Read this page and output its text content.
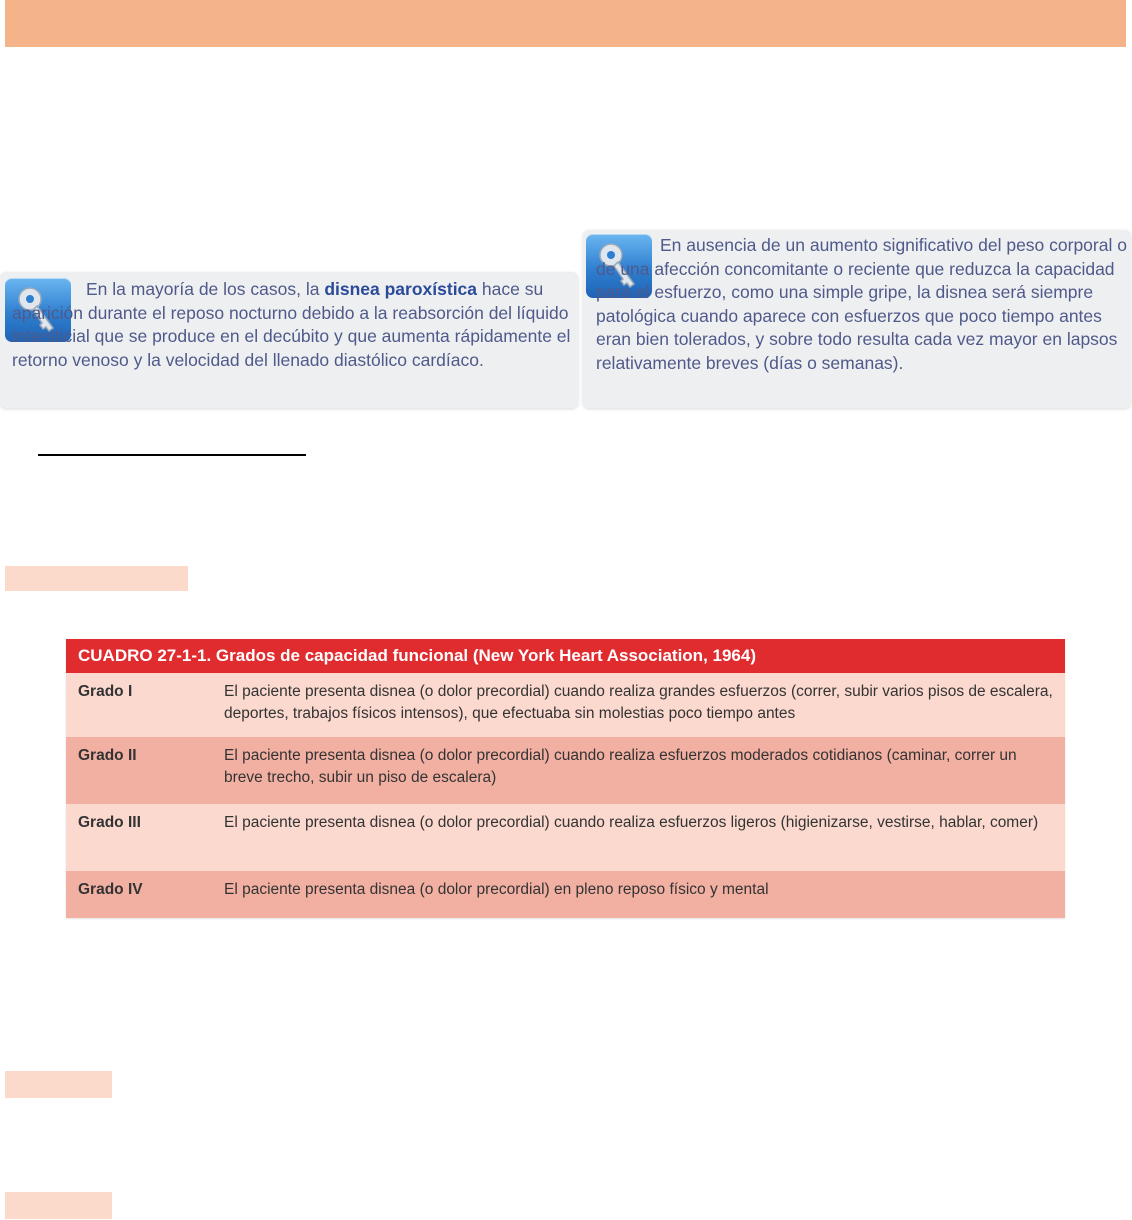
En la mayoría de los casos, la disnea paroxística hace su aparición durante el reposo nocturno debido a la reabsorción del líquido intersticial que se produce en el decúbito y que aumenta rápidamente el retorno venoso y la velocidad del llenado diastólico cardíaco.
En ausencia de un aumento significativo del peso corporal o de una afección concomitante o reciente que reduzca la capacidad para el esfuerzo, como una simple gripe, la disnea será siempre patológica cuando aparece con esfuerzos que poco tiempo antes eran bien tolerados, y sobre todo resulta cada vez mayor en lapsos relativamente breves (días o semanas).
CUADRO 27-1-1. Grados de capacidad funcional (New York Heart Association, 1964)
Grado I	El paciente presenta disnea (o dolor precordial) cuando realiza grandes esfuerzos (correr, subir varios pisos de escalera, deportes, trabajos físicos intensos), que efectuaba sin molestias poco tiempo antes
Grado II	El paciente presenta disnea (o dolor precordial) cuando realiza esfuerzos moderados cotidianos (caminar, correr un breve trecho, subir un piso de escalera)
Grado III	El paciente presenta disnea (o dolor precordial) cuando realiza esfuerzos ligeros (higienizarse, vestirse, hablar, comer)
Grado IV	El paciente presenta disnea (o dolor precordial) en pleno reposo físico y mental
